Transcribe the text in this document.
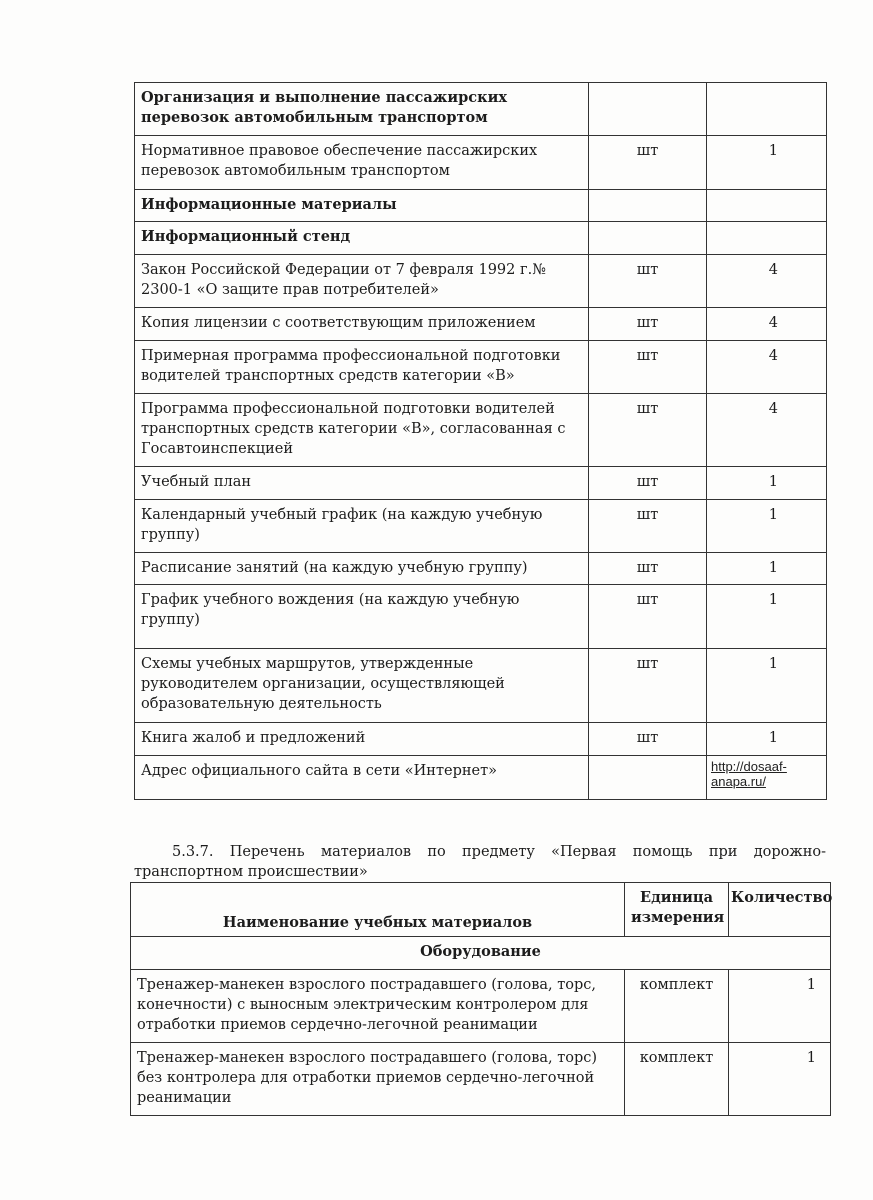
Организация и выполнение пассажирских перевозок автомобильным транспортом		
Нормативное правовое обеспечение пассажирских перевозок автомобильным транспортом	шт	1
Информационные материалы		
Информационный стенд		
Закон Российской Федерации от 7 февраля 1992 г.№ 2300-1 «О защите прав потребителей»	шт	4
Копия лицензии с соответствующим приложением	шт	4
Примерная программа профессиональной подготовки водителей транспортных средств категории «В»	шт	4
Программа профессиональной подготовки водителей транспортных средств категории «В», согласованная с Госавтоинспекцией	шт	4
Учебный план	шт	1
Календарный учебный график (на каждую учебную группу)	шт	1
Расписание занятий (на каждую учебную группу)	шт	1
График учебного вождения (на каждую учебную группу)	шт	1
Схемы учебных маршрутов, утвержденные руководителем организации, осуществляющей образовательную деятельность	шт	1
Книга жалоб и предложений	шт	1
Адрес официального сайта в сети «Интернет»		http://dosaaf-anapa.ru/
5.3.7. Перечень материалов по предмету «Первая помощь при дорожно-транспортном происшествии»
Наименование учебных материалов	Единица измерения	Количество
Оборудование		
Тренажер-манекен взрослого пострадавшего (голова, торс, конечности) с выносным электрическим контролером для отработки приемов сердечно-легочной реанимации	комплект	1
Тренажер-манекен взрослого пострадавшего (голова, торс) без контролера для отработки приемов сердечно-легочной реанимации	комплект	1
